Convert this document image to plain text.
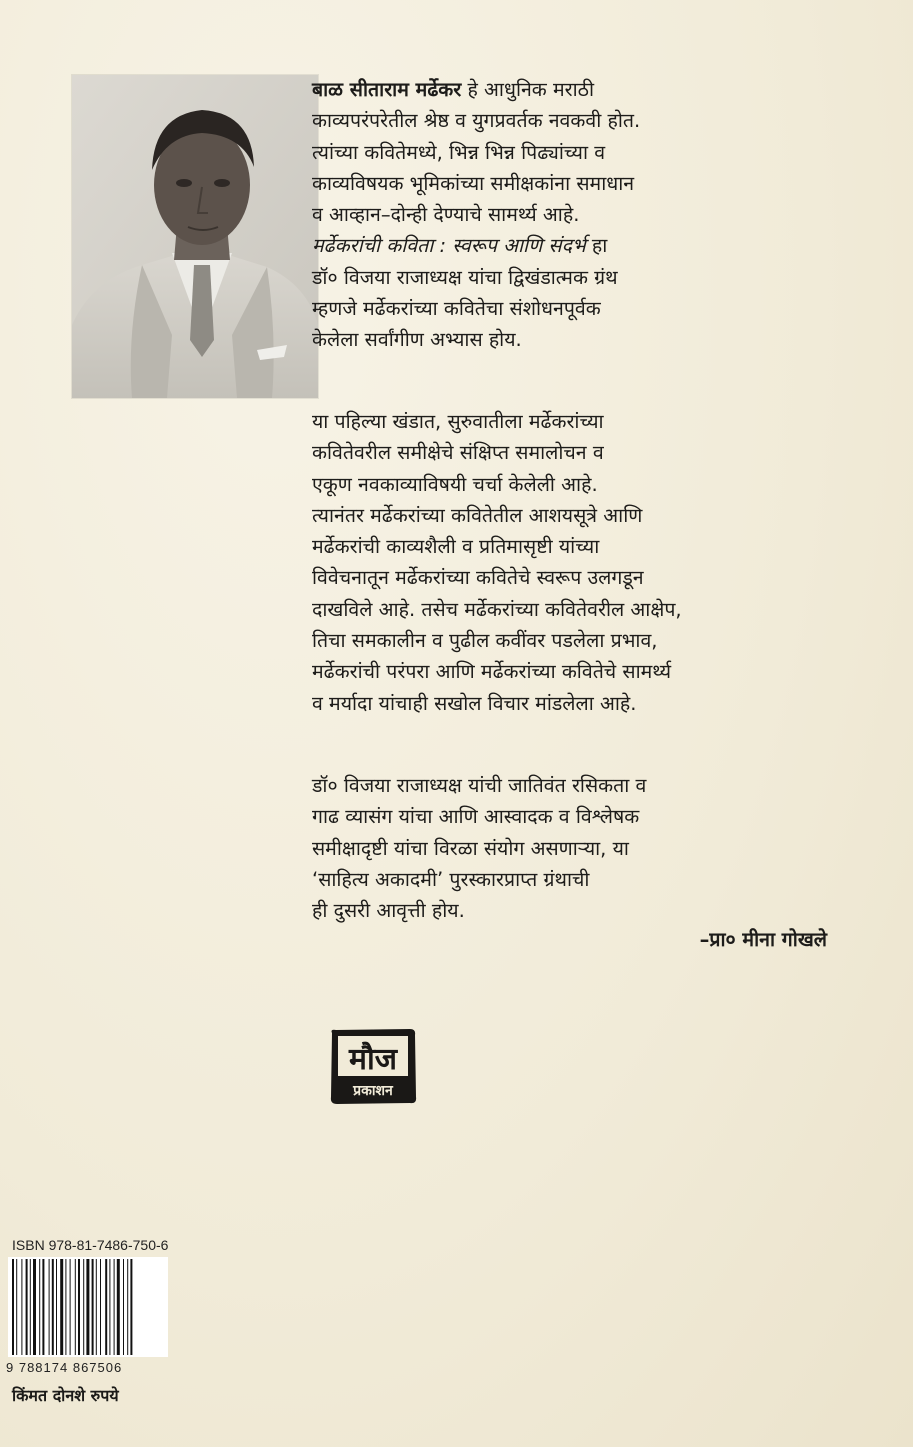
बाळ सीताराम मर्ढेकर हे आधुनिक मराठी

काव्यपरंपरेतील श्रेष्ठ व युगप्रवर्तक नवकवी होत.

त्यांच्या कवितेमध्ये, भिन्न भिन्न पिढ्यांच्या व

काव्यविषयक भूमिकांच्या समीक्षकांना समाधान

व आव्हान–दोन्ही देण्याचे सामर्थ्य आहे.

मर्ढेकरांची कविता : स्वरूप आणि संदर्भ हा

डॉ० विजया राजाध्यक्ष यांचा द्विखंडात्मक ग्रंथ

म्हणजे मर्ढेकरांच्या कवितेचा संशोधनपूर्वक

केलेला सर्वांगीण अभ्यास होय.

या पहिल्या खंडात, सुरुवातीला मर्ढेकरांच्या

कवितेवरील समीक्षेचे संक्षिप्त समालोचन व

एकूण नवकाव्याविषयी चर्चा केलेली आहे.

त्यानंतर मर्ढेकरांच्या कवितेतील आशयसूत्रे आणि

मर्ढेकरांची काव्यशैली व प्रतिमासृष्टी यांच्या

विवेचनातून मर्ढेकरांच्या कवितेचे स्वरूप उलगडून

दाखविले आहे. तसेच मर्ढेकरांच्या कवितेवरील आक्षेप,

तिचा समकालीन व पुढील कवींवर पडलेला प्रभाव,

मर्ढेकरांची परंपरा आणि मर्ढेकरांच्या कवितेचे सामर्थ्य

व मर्यादा यांचाही सखोल विचार मांडलेला आहे.

डॉ० विजया राजाध्यक्ष यांची जातिवंत रसिकता व

गाढ व्यासंग यांचा आणि आस्वादक व विश्लेषक

समीक्षादृष्टी यांचा विरळा संयोग असणाऱ्या, या

‘साहित्य अकादमी’ पुरस्कारप्राप्त ग्रंथाची

ही दुसरी आवृत्ती होय.

–प्रा० मीना गोखले
मौज
प्रकाशन
ISBN 978-81-7486-750-6
9 788174 867506
किंमत दोनशे रुपये
